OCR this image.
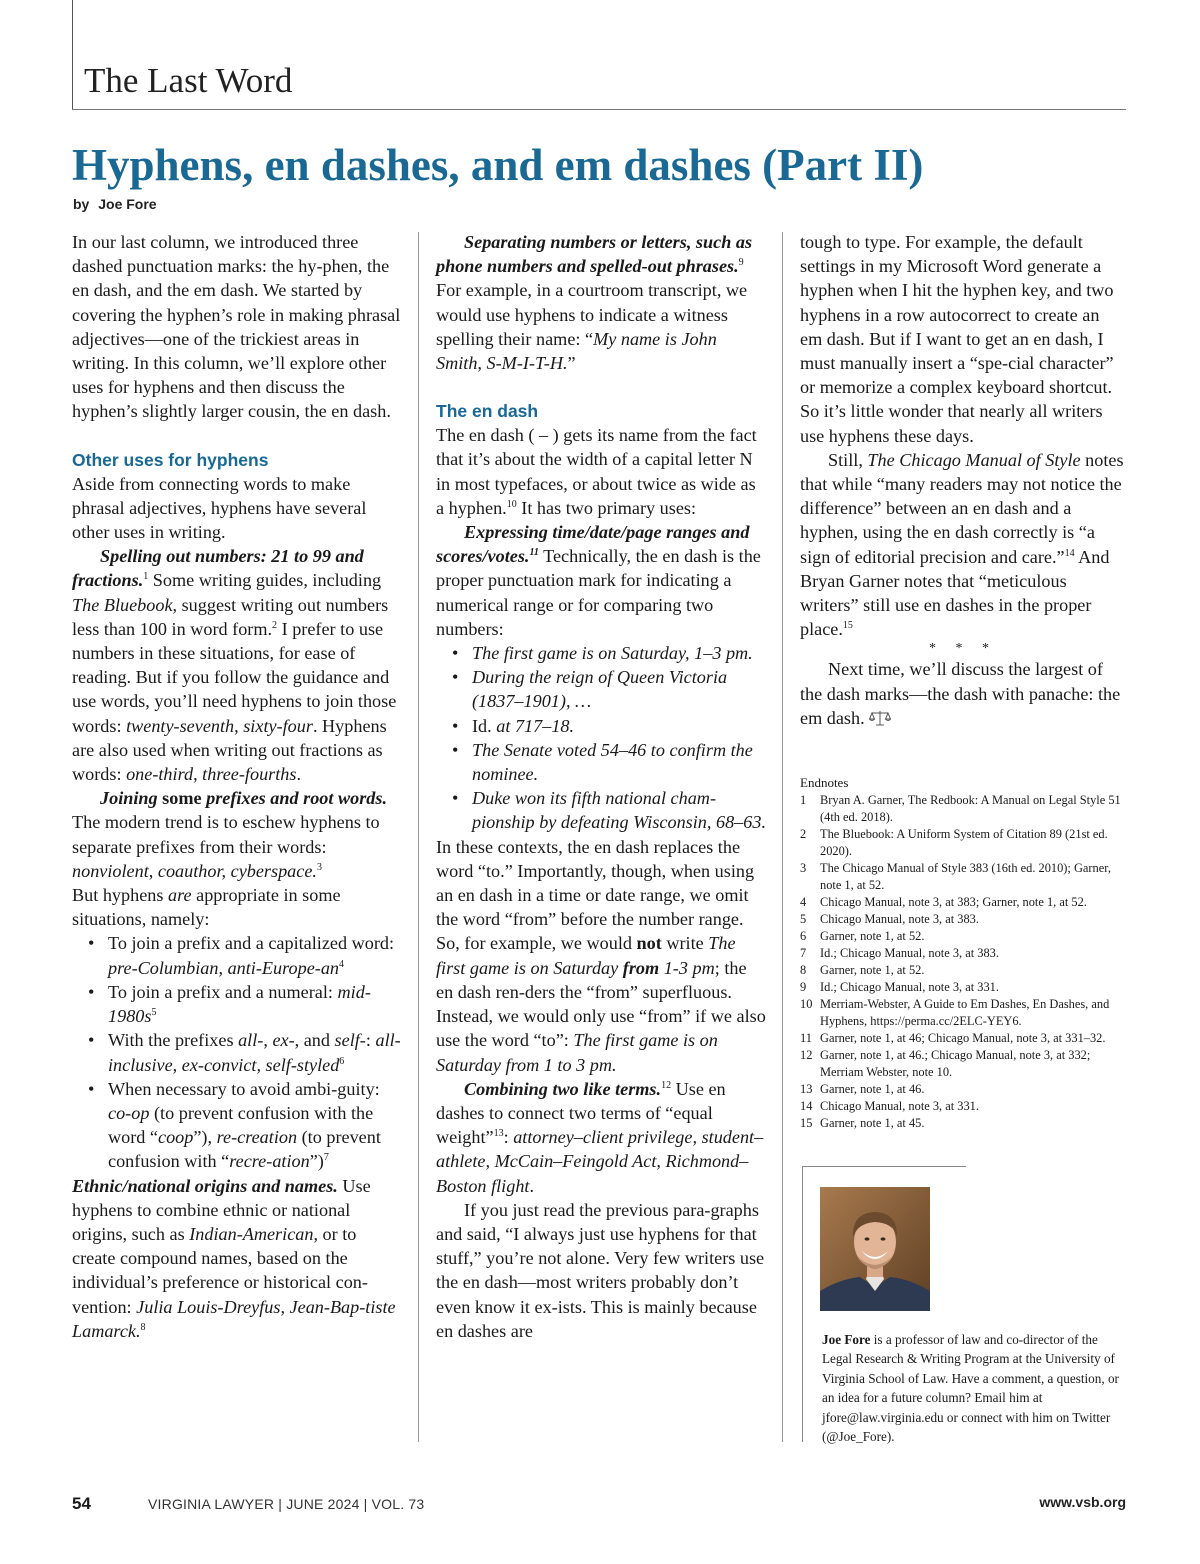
The Last Word
Hyphens, en dashes, and em dashes (Part II)
by Joe Fore

In our last column, we introduced three dashed punctuation marks: the hy-phen, the en dash, and the em dash. We started by covering the hyphen’s role in making phrasal adjectives—one of the trickiest areas in writing. In this column, we’ll explore other uses for hyphens and then discuss the hyphen’s slightly larger cousin, the en dash.

Other uses for hyphens

Aside from connecting words to make phrasal adjectives, hyphens have several other uses in writing.

Spelling out numbers: 21 to 99 and fractions.$^1$ Some writing guides, including The Bluebook, suggest writing out numbers less than 100 in word form.$^2$ I prefer to use numbers in these situations, for ease of reading. But if you follow the guidance and use words, you’ll need hyphens to join those words: twenty-seventh, sixty-four. Hyphens are also used when writing out fractions as words: one-third, three-fourths.

Joining some prefixes and root words. The modern trend is to eschew hyphens to separate prefixes from their words: nonviolent, coauthor, cyberspace.$^3$
But hyphens are appropriate in some situations, namely:

• To join a prefix and a capitalized word: pre-Columbian, anti-$Europe-an^4$
• To join a prefix and a numeral: mid-$1980s^5$
• With the prefixes all-, ex-, and self-: all-inclusive, ex-convict, self-styled$^6$
• When necessary to avoid ambi-guity: co-op (to prevent confusion with the word “coop”), re-creation (to prevent confusion with “recre-ation”)$^7$

Ethnic/national origins and names. Use hyphens to combine ethnic or national origins, such as Indian-American, or to create compound names, based on the individual’s preference or historical con-vention: Julia Louis-Dreyfus, Jean-Bap-tiste Lamarck.$^8$

Separating numbers or letters, such as phone numbers and spelled-out phrases.$^9$ For example, in a courtroom transcript, we would use hyphens to indicate a witness spelling their name: “My name is John Smith, S-M-I-T-H.”

The en dash

The en dash ( – ) gets its name from the fact that it’s about the width of a capital letter N in most typefaces, or about twice as wide as a hyphen.$^{10}$ It has two primary uses:

Expressing time/date/page ranges and scores/votes.$^{11}$ Technically, the en dash is the proper punctuation mark for indicating a numerical range or for comparing two numbers:

• The first game is on Saturday, 1–3 pm.
• During the reign of Queen Victoria (1837–1901), …
• Id. at 717–18.
• The Senate voted 54–46 to confirm the nominee.
• Duke won its fifth national cham-pionship by defeating Wisconsin, 68–63.

In these contexts, the en dash replaces the word “to.” Importantly, though, when using an en dash in a time or date range, we omit the word “from” before the number range. So, for example, we would not write The first game is on Saturday from 1-3 pm; the en dash ren-ders the “from” superfluous. Instead, we would only use “from” if we also use the word “to”: The first game is on Saturday from 1 to 3 pm.

Combining two like terms.$^{12}$ Use en dashes to connect two terms of “equal weight”$^{13}$: attorney–client privilege, student–athlete, McCain–Feingold Act, Richmond–Boston flight.

If you just read the previous para-graphs and said, “I always just use hyphens for that stuff,” you’re not alone. Very few writers use the en dash—most writers probably don’t even know it ex-ists. This is mainly because en dashes are

tough to type. For example, the default settings in my Microsoft Word generate a hyphen when I hit the hyphen key, and two hyphens in a row autocorrect to create an em dash. But if I want to get an en dash, I must manually insert a “spe-cial character” or memorize a complex keyboard shortcut. So it’s little wonder that nearly all writers use hyphens these days.

Still, The Chicago Manual of Style notes that while “many readers may not notice the difference” between an en dash and a hyphen, using the en dash correctly is “a sign of editorial precision and care.”$^{14}$ And Bryan Garner notes that “meticulous writers” still use en dashes in the proper place.$^{15}$

* * *

Next time, we’ll discuss the largest of the dash marks—the dash with panache: the em dash.

Endnotes
1	Bryan A. Garner, The Redbook: A Manual on Legal Style 51 (4th ed. 2018).
2	The Bluebook: A Uniform System of Citation 89 (21st ed. 2020).
3	The Chicago Manual of Style 383 (16th ed. 2010); Garner, note 1, at 52.
4	Chicago Manual, note 3, at 383; Garner, note 1, at 52.
5	Chicago Manual, note 3, at 383.
6	Garner, note 1, at 52.
7	Id.; Chicago Manual, note 3, at 383.
8	Garner, note 1, at 52.
9	Id.; Chicago Manual, note 3, at 331.
10 Merriam-Webster, A Guide to Em Dashes, En Dashes, and Hyphens, https://perma.cc/2ELC-YEY6.
11 Garner, note 1, at 46; Chicago Manual, note 3, at 331–32.
12 Garner, note 1, at 46.; Chicago Manual, note 3, at 332; Merriam Webster, note 10.
13 Garner, note 1, at 46.
14 Chicago Manual, note 3, at 331.
15 Garner, note 1, at 45.

Joe Fore is a professor of law and co-director of the Legal Research & Writing Program at the University of Virginia School of Law. Have a comment, a question, or an idea for a future column? Email him at jfore@law.virginia.edu or connect with him on Twitter (@Joe_Fore).

54	VIRGINIA LAWYER | JUNE 2024 | VOL. 73	www.vsb.org
